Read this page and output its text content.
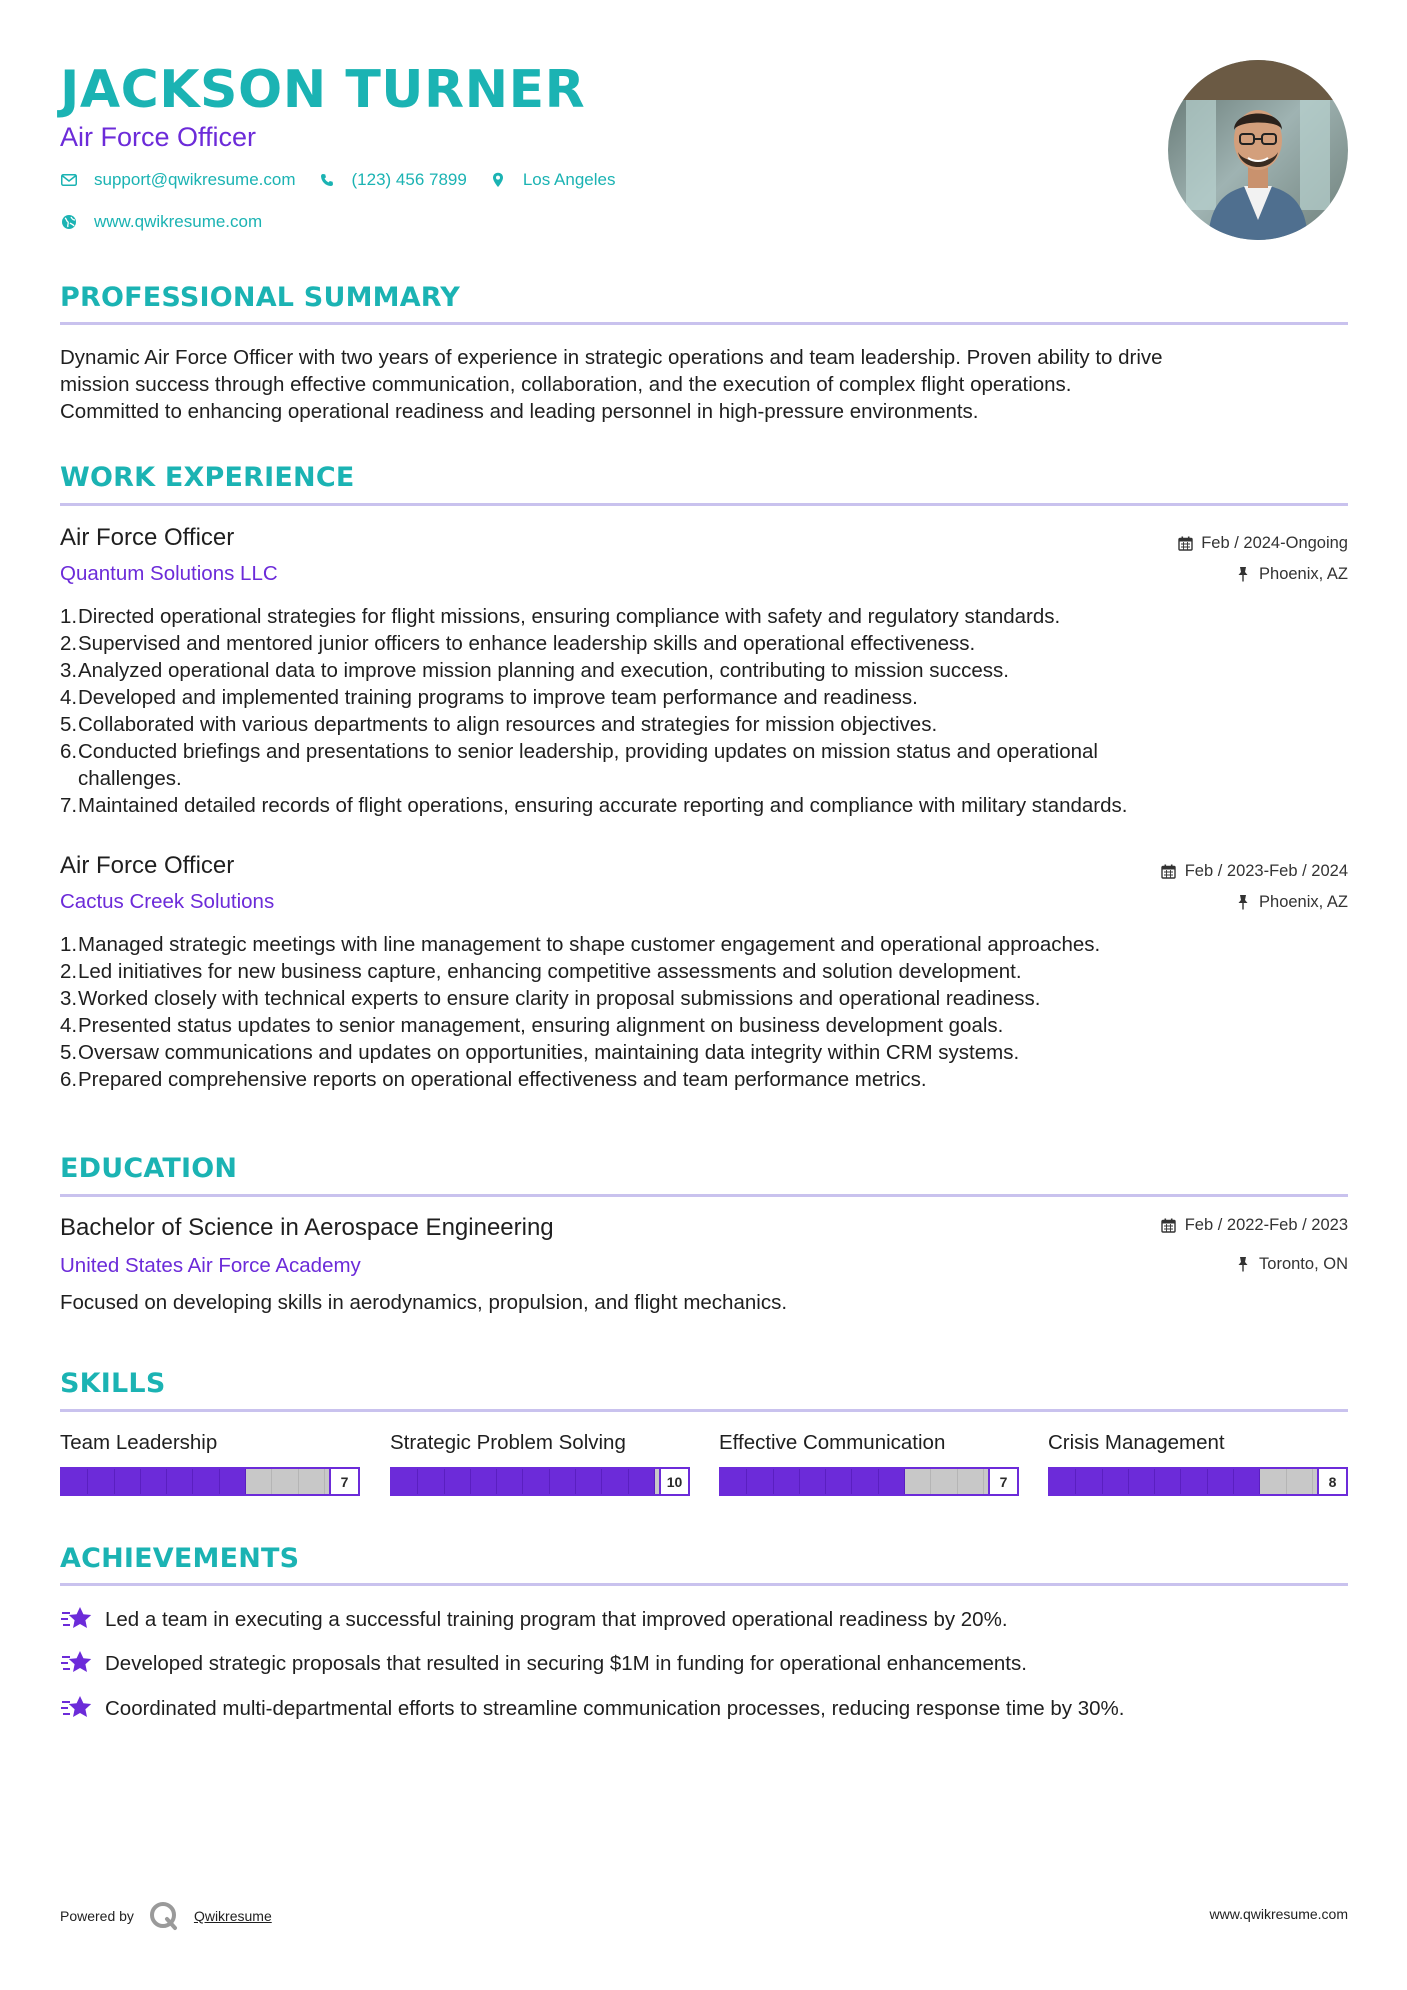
JACKSON TURNER
Air Force Officer
support@qwikresume.com	(123) 456 7899	Los Angeles
www.qwikresume.com
PROFESSIONAL SUMMARY
Dynamic Air Force Officer with two years of experience in strategic operations and team leadership. Proven ability to drive
mission success through effective communication, collaboration, and the execution of complex flight operations.
Committed to enhancing operational readiness and leading personnel in high-pressure environments.
WORK EXPERIENCE
Air Force Officer
Quantum Solutions LLC
Feb / 2024-Ongoing
Phoenix, AZ
1. Directed operational strategies for flight missions, ensuring compliance with safety and regulatory standards.
2. Supervised and mentored junior officers to enhance leadership skills and operational effectiveness.
3. Analyzed operational data to improve mission planning and execution, contributing to mission success.
4. Developed and implemented training programs to improve team performance and readiness.
5. Collaborated with various departments to align resources and strategies for mission objectives.
6. Conducted briefings and presentations to senior leadership, providing updates on mission status and operational
challenges.
7. Maintained detailed records of flight operations, ensuring accurate reporting and compliance with military standards.
Air Force Officer
Cactus Creek Solutions
Feb / 2023-Feb / 2024
Phoenix, AZ
1. Managed strategic meetings with line management to shape customer engagement and operational approaches.
2. Led initiatives for new business capture, enhancing competitive assessments and solution development.
3. Worked closely with technical experts to ensure clarity in proposal submissions and operational readiness.
4. Presented status updates to senior management, ensuring alignment on business development goals.
5. Oversaw communications and updates on opportunities, maintaining data integrity within CRM systems.
6. Prepared comprehensive reports on operational effectiveness and team performance metrics.
EDUCATION
Bachelor of Science in Aerospace Engineering
United States Air Force Academy
Feb / 2022-Feb / 2023
Toronto, ON
Focused on developing skills in aerodynamics, propulsion, and flight mechanics.
SKILLS
Team Leadership
7
Strategic Problem Solving
10
Effective Communication
7
Crisis Management
8
ACHIEVEMENTS
Led a team in executing a successful training program that improved operational readiness by 20%.
Developed strategic proposals that resulted in securing $1M in funding for operational enhancements.
Coordinated multi-departmental efforts to streamline communication processes, reducing response time by 30%.
Powered by	Qwikresume	www.qwikresume.com
